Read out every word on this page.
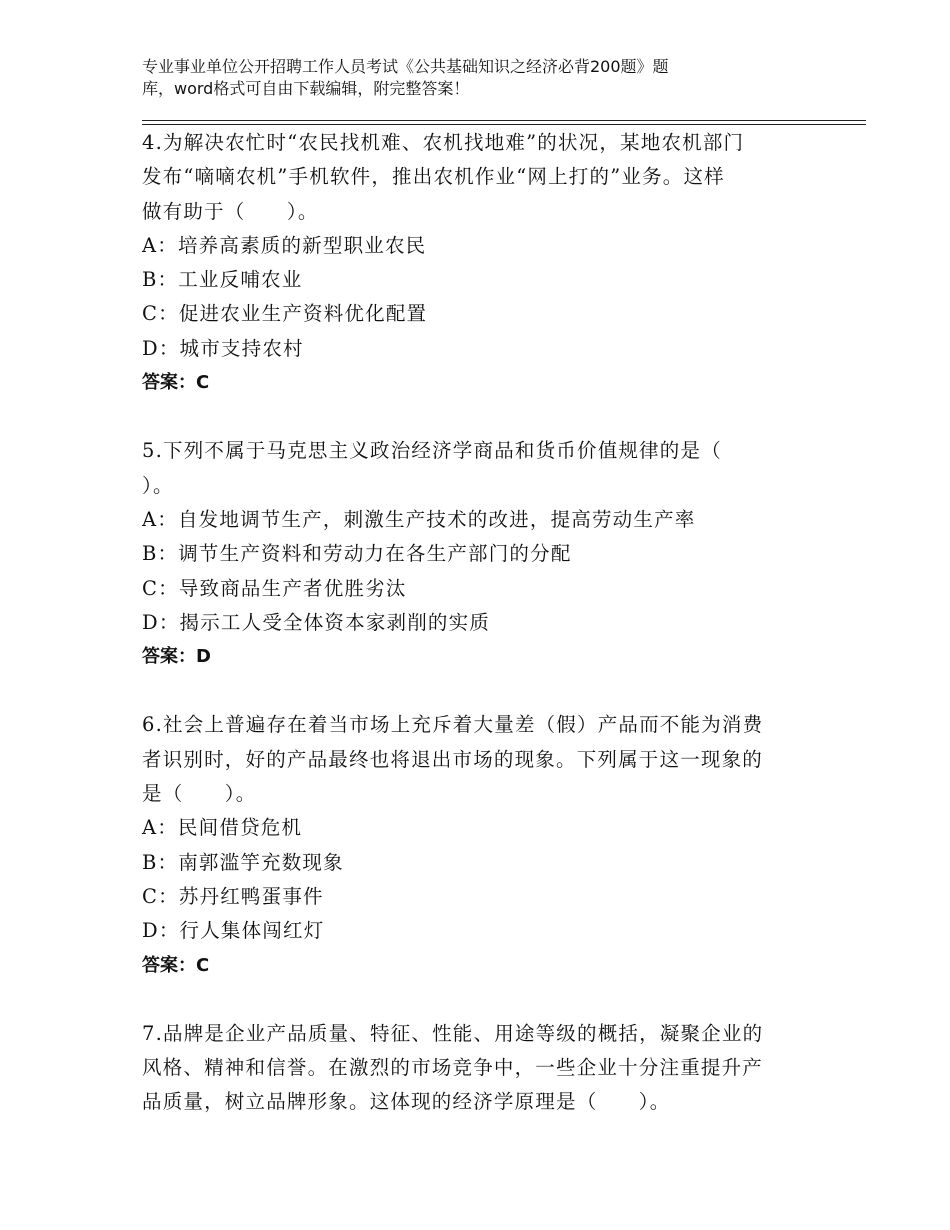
专业事业单位公开招聘工作人员考试《公共基础知识之经济必背200题》题
库，word格式可自由下载编辑，附完整答案！
4.为解决农忙时“农民找机难、农机找地难”的状况，某地农机部门
发布“嘀嘀农机”手机软件，推出农机作业“网上打的”业务。这样
做有助于（　　）。
A：培养高素质的新型职业农民
B：工业反哺农业
C：促进农业生产资料优化配置
D：城市支持农村
答案：C
5.下列不属于马克思主义政治经济学商品和货币价值规律的是（
）。
A：自发地调节生产，刺激生产技术的改进，提高劳动生产率
B：调节生产资料和劳动力在各生产部门的分配
C：导致商品生产者优胜劣汰
D：揭示工人受全体资本家剥削的实质
答案：D
6.社会上普遍存在着当市场上充斥着大量差（假）产品而不能为消费
者识别时，好的产品最终也将退出市场的现象。下列属于这一现象的
是（　　）。
A：民间借贷危机
B：南郭滥竽充数现象
C：苏丹红鸭蛋事件
D：行人集体闯红灯
答案：C
7.品牌是企业产品质量、特征、性能、用途等级的概括，凝聚企业的
风格、精神和信誉。在激烈的市场竞争中，一些企业十分注重提升产
品质量，树立品牌形象。这体现的经济学原理是（　　）。
